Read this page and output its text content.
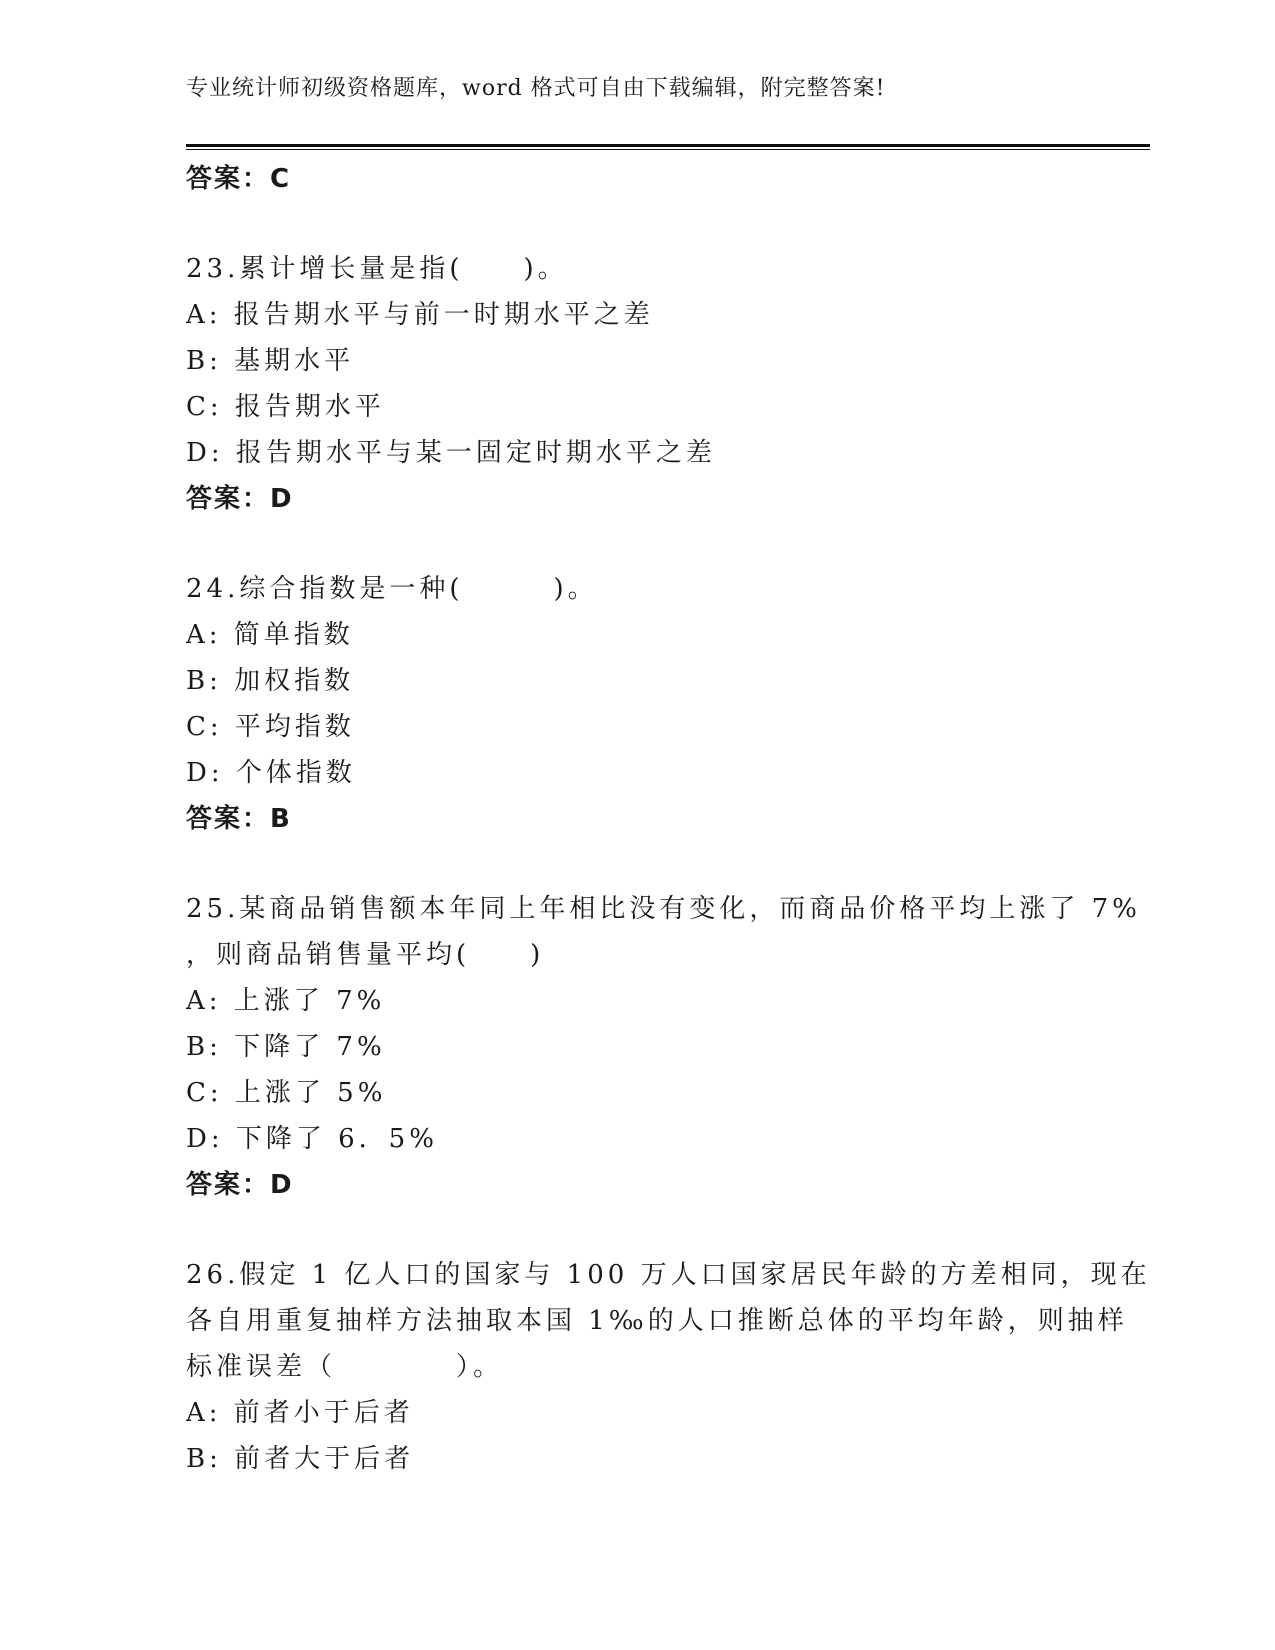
专业统计师初级资格题库，word 格式可自由下载编辑，附完整答案!
答案：C
23.累计增长量是指(　　)。
A: 报告期水平与前一时期水平之差
B: 基期水平
C: 报告期水平
D: 报告期水平与某一固定时期水平之差
答案：D
24.综合指数是一种(　　　)。
A: 简单指数
B: 加权指数
C: 平均指数
D: 个体指数
答案：B
25.某商品销售额本年同上年相比没有变化，而商品价格平均上涨了 7%
，则商品销售量平均(　　)
A: 上涨了 7%
B: 下降了 7%
C: 上涨了 5%
D: 下降了 6．5%
答案：D
26.假定 1 亿人口的国家与 100 万人口国家居民年龄的方差相同，现在
各自用重复抽样方法抽取本国 1‰的人口推断总体的平均年龄，则抽样
标准误差（　　　　）。
A: 前者小于后者
B: 前者大于后者
